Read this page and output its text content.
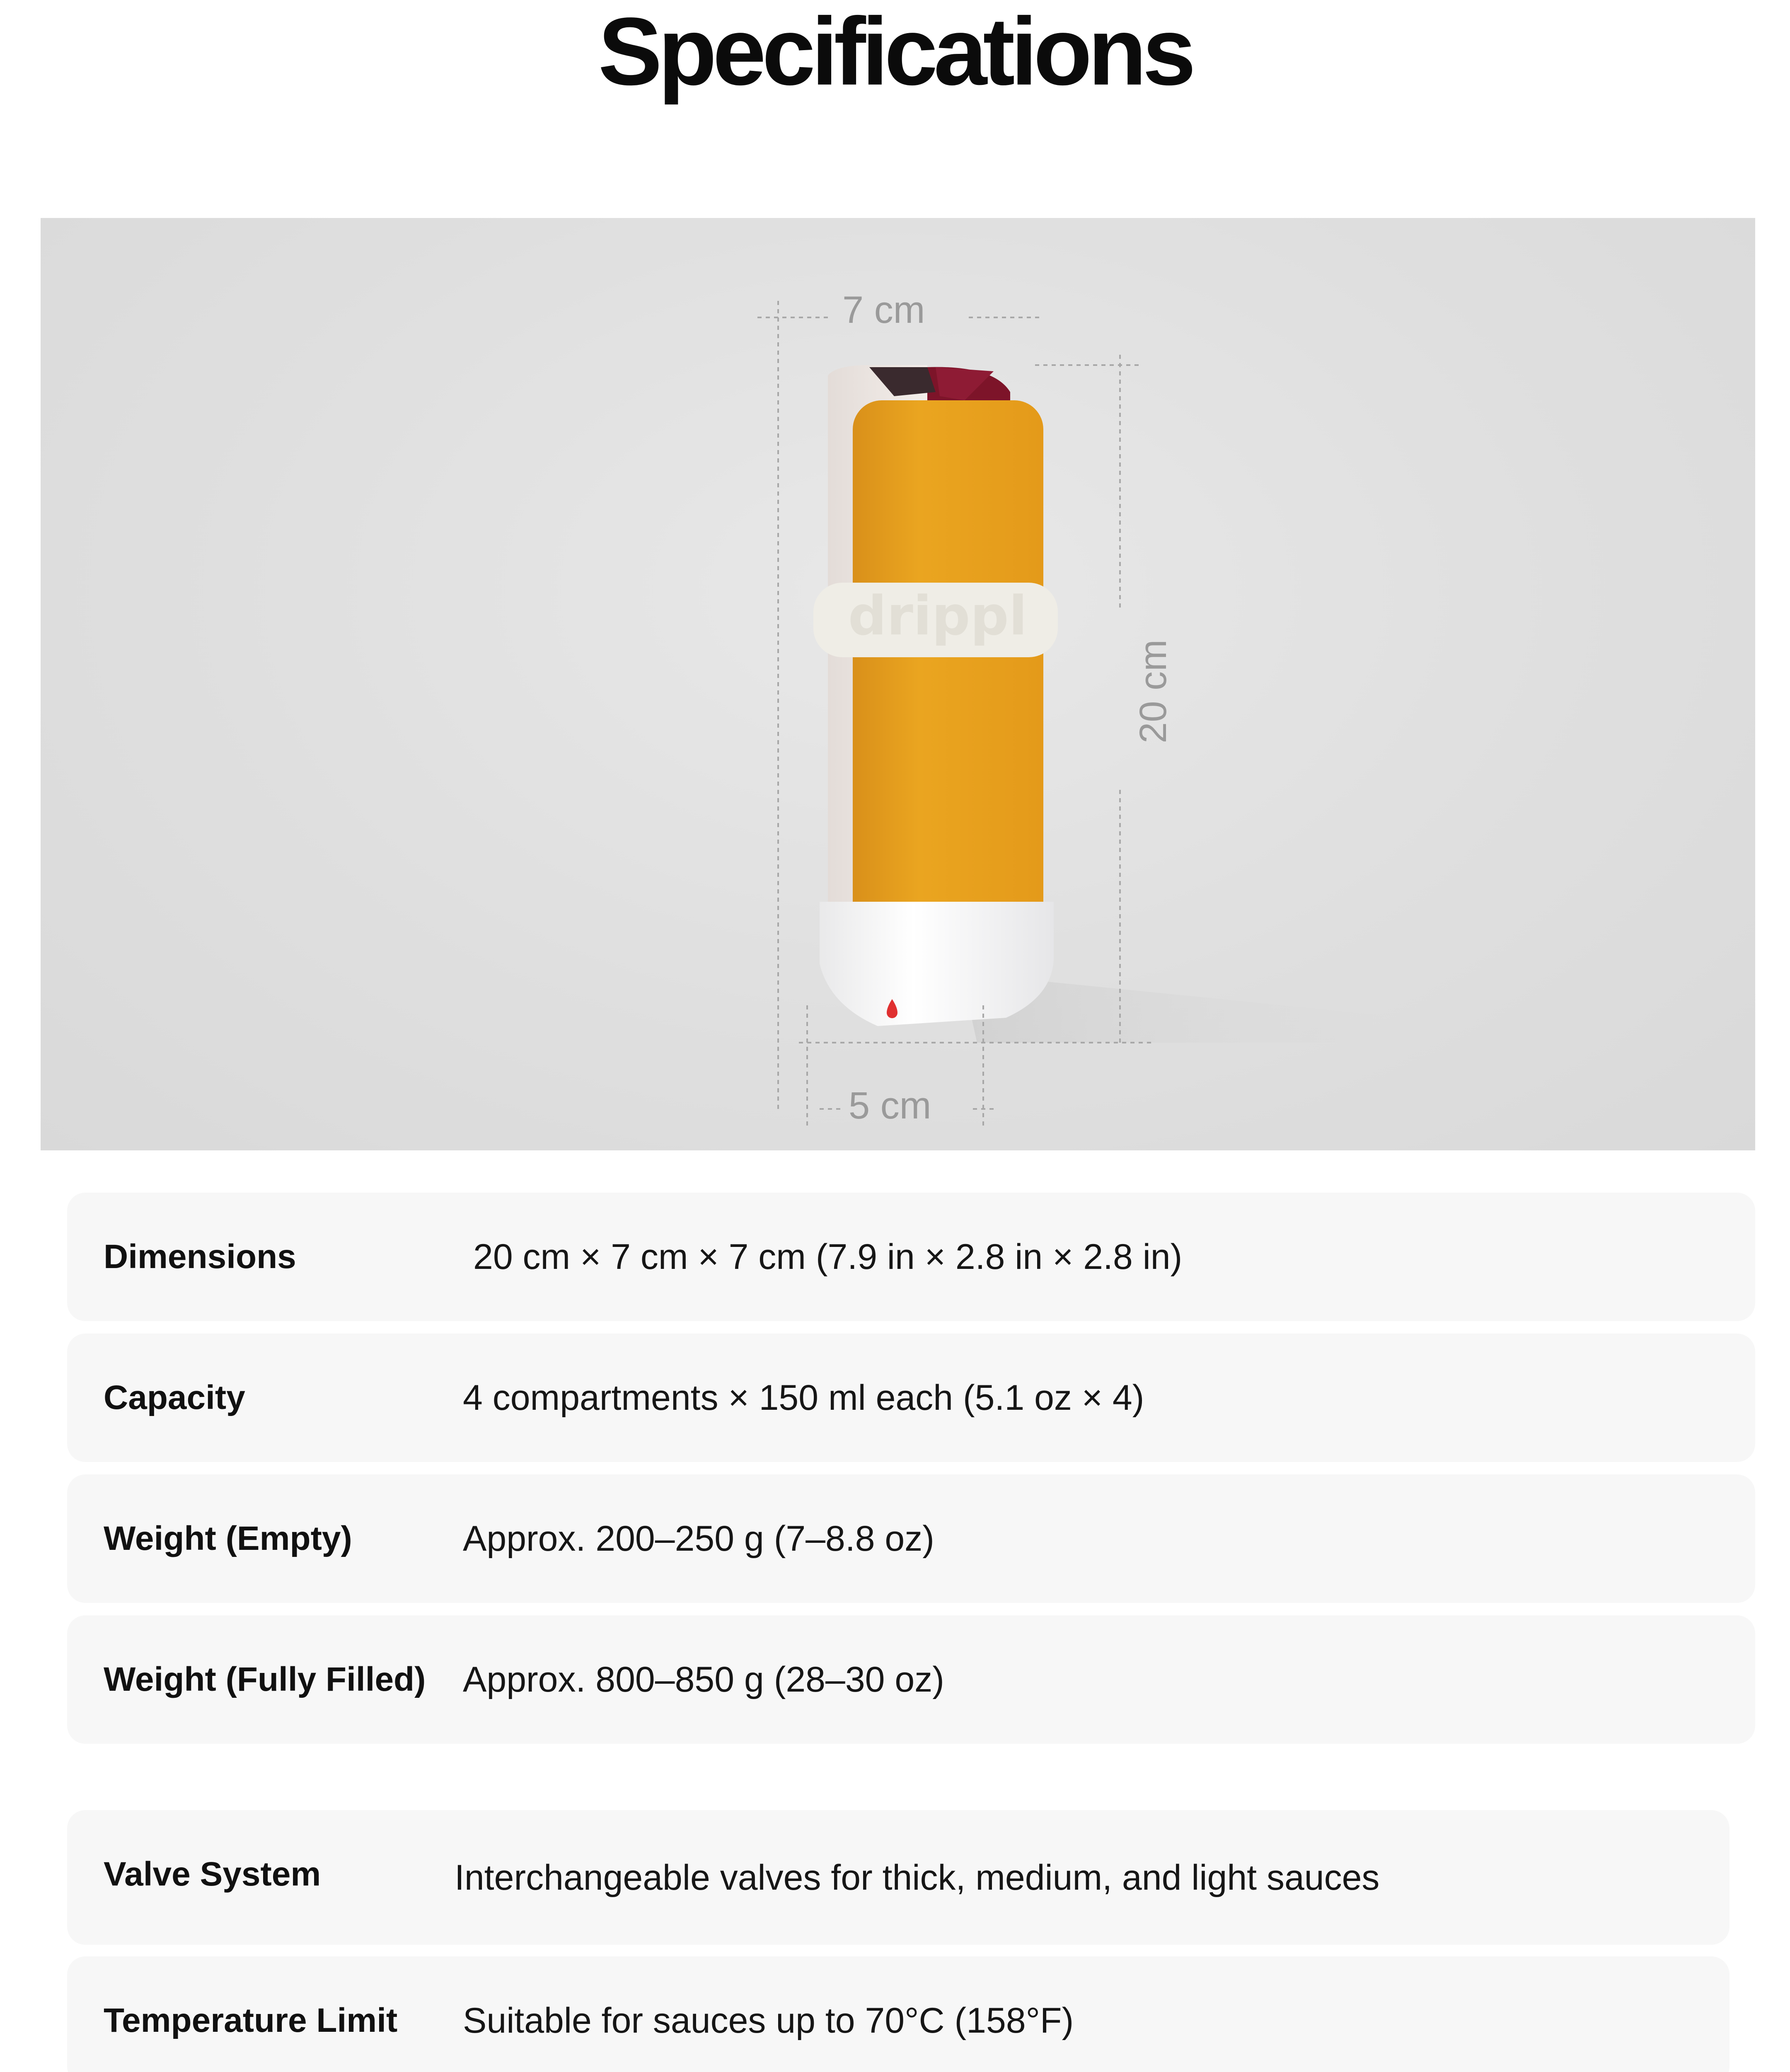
Specifications
drippl
7 cm
20 cm
5 cm
Dimensions	20 cm × 7 cm × 7 cm (7.9 in × 2.8 in × 2.8 in)
Capacity	4 compartments × 150 ml each (5.1 oz × 4)
Weight (Empty)	Approx. 200–250 g (7–8.8 oz)
Weight (Fully Filled) Approx. 800–850 g (28–30 oz)
Valve System	Interchangeable valves for thick, medium, and light sauces
Temperature Limit Suitable for sauces up to 70°C (158°F)
